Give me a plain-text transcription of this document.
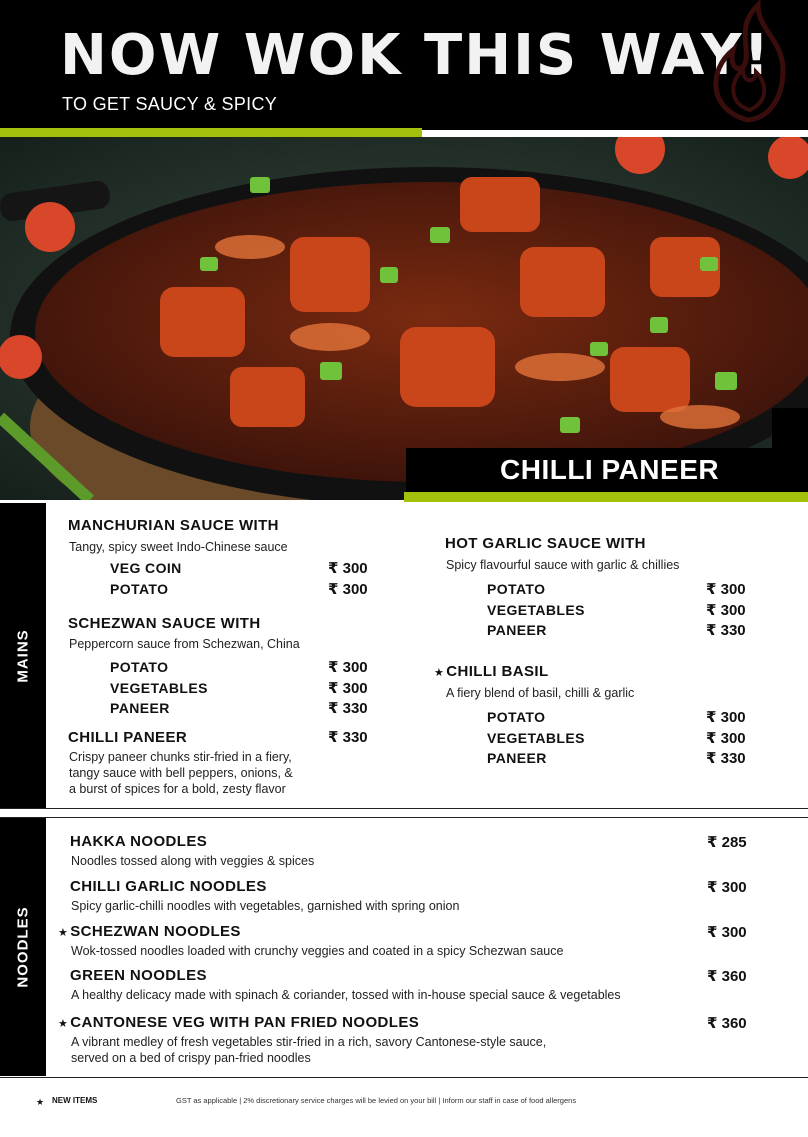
NOW WOK THIS WAY!
TO GET SAUCY & SPICY
CHILLI PANEER
MAINS
MANCHURIAN SAUCE WITH
Tangy, spicy sweet Indo-Chinese sauce
VEG COIN	₹ 300
POTATO	₹ 300
SCHEZWAN SAUCE WITH
Peppercorn sauce from Schezwan, China
POTATO	₹ 300
VEGETABLES	₹ 300
PANEER	₹ 330
CHILLI PANEER	₹ 330
Crispy paneer chunks stir-fried in a fiery,
tangy sauce with bell peppers, onions, &
a burst of spices for a bold, zesty flavor
HOT GARLIC SAUCE WITH
Spicy flavourful sauce with garlic & chillies
POTATO	₹ 300
VEGETABLES	₹ 300
PANEER	₹ 330
★ CHILLI BASIL
A fiery blend of basil, chilli & garlic
POTATO	₹ 300
VEGETABLES	₹ 300
PANEER	₹ 330
NOODLES
HAKKA NOODLES	₹ 285
Noodles tossed along with veggies & spices
CHILLI GARLIC NOODLES	₹ 300
Spicy garlic-chilli noodles with vegetables, garnished with spring onion
★ SCHEZWAN NOODLES	₹ 300
Wok-tossed noodles loaded with crunchy veggies and coated in a spicy Schezwan sauce
GREEN NOODLES	₹ 360
A healthy delicacy made with spinach & coriander, tossed with in-house special sauce & vegetables
★ CANTONESE VEG WITH PAN FRIED NOODLES	₹ 360
A vibrant medley of fresh vegetables stir-fried in a rich, savory Cantonese-style sauce,
served on a bed of crispy pan-fried noodles
★ NEW ITEMS	GST as applicable | 2% discretionary service charges will be levied on your bill | Inform our staff in case of food allergens
